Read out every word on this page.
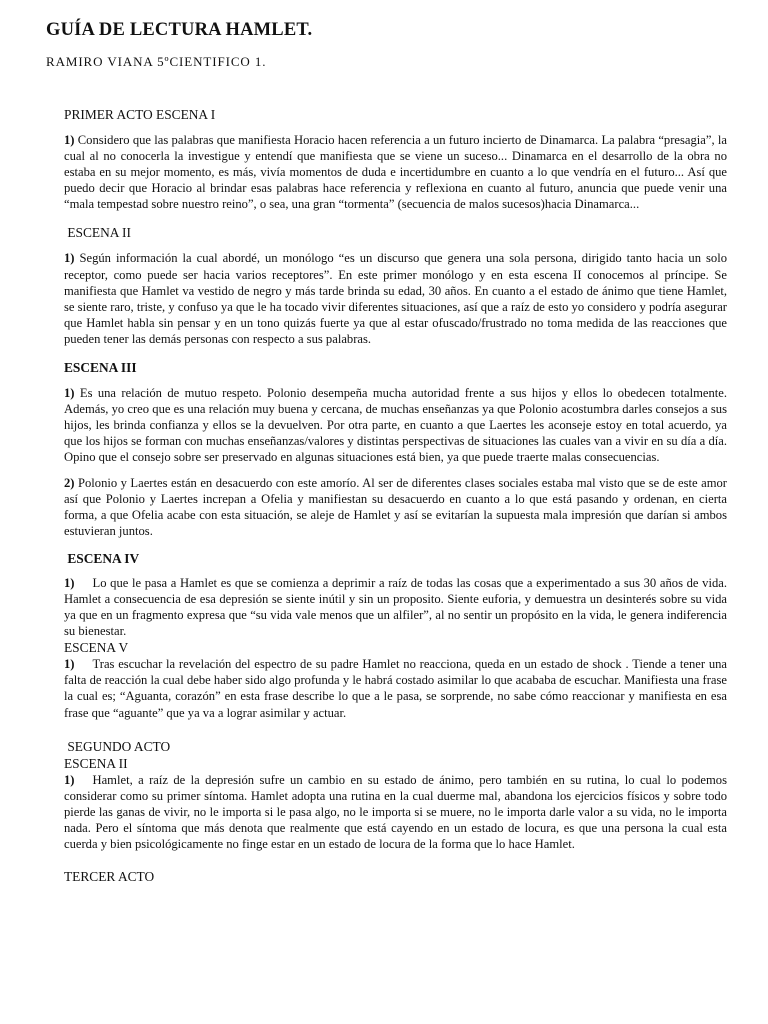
GUÍA DE LECTURA HAMLET.
RAMIRO VIANA 5ºCIENTIFICO 1.

PRIMER ACTO ESCENA I

1) Considero que las palabras que manifiesta Horacio hacen referencia a un futuro incierto de Dinamarca. La palabra “presagia”, la cual al no conocerla la investigue y entendí que manifiesta que se viene un suceso... Dinamarca en el desarrollo de la obra no estaba en su mejor momento, es más, vivía momentos de duda e incertidumbre en cuanto a lo que vendría en el futuro... Así que puedo decir que Horacio al brindar esas palabras hace referencia y reflexiona en cuanto al futuro, anuncia que puede venir una “mala tempestad sobre nuestro reino”, o sea, una gran “tormenta” (secuencia de malos sucesos)hacia Dinamarca...

ESCENA II

1) Según información la cual abordé, un monólogo “es un discurso que genera una sola persona, dirigido tanto hacia un solo receptor, como puede ser hacia varios receptores”. En este primer monólogo y en esta escena II conocemos al príncipe. Se manifiesta que Hamlet va vestido de negro y más tarde brinda su edad, 30 años. En cuanto a el estado de ánimo que tiene Hamlet, se siente raro, triste, y confuso ya que le ha tocado vivir diferentes situaciones, así que a raíz de esto yo considero y podría asegurar que Hamlet habla sin pensar y en un tono quizás fuerte ya que al estar ofuscado/frustrado no toma medida de las reacciones que pueden tener las demás personas con respecto a sus palabras.

ESCENA III

1) Es una relación de mutuo respeto. Polonio desempeña mucha autoridad frente a sus hijos y ellos lo obedecen totalmente. Además, yo creo que es una relación muy buena y cercana, de muchas enseñanzas ya que Polonio acostumbra darles consejos a sus hijos, les brinda confianza y ellos se la devuelven. Por otra parte, en cuanto a que Laertes les aconseje estoy en total acuerdo, ya que los hijos se forman con muchas enseñanzas/valores y distintas perspectivas de situaciones las cuales van a vivir en su día a día. Opino que el consejo sobre ser preservado en algunas situaciones está bien, ya que puede traerte malas consecuencias.

2) Polonio y Laertes están en desacuerdo con este amorío. Al ser de diferentes clases sociales estaba mal visto que se de este amor así que Polonio y Laertes increpan a Ofelia y manifiestan su desacuerdo en cuanto a lo que está pasando y ordenan, en cierta forma, a que Ofelia acabe con esta situación, se aleje de Hamlet y así se evitarían la supuesta mala impresión que darían si ambos estuvieran juntos.

ESCENA IV

1) Lo que le pasa a Hamlet es que se comienza a deprimir a raíz de todas las cosas que a experimentado a sus 30 años de vida. Hamlet a consecuencia de esa depresión se siente inútil y sin un proposito. Siente euforia, y demuestra un desinterés sobre su vida ya que en un fragmento expresa que “su vida vale menos que un alfiler”, al no sentir un propósito en la vida, le genera indiferencia su bienestar.

ESCENA V

1) Tras escuchar la revelación del espectro de su padre Hamlet no reacciona, queda en un estado de shock . Tiende a tener una falta de reacción la cual debe haber sido algo profunda y le habrá costado asimilar lo que acababa de escuchar. Manifiesta una frase la cual es; “Aguanta, corazón” en esta frase describe lo que a le pasa, se sorprende, no sabe cómo reaccionar y manifiesta en esa frase que “aguante” que ya va a lograr asimilar y actuar.

SEGUNDO ACTO

ESCENA II

1) Hamlet, a raíz de la depresión sufre un cambio en su estado de ánimo, pero también en su rutina, lo cual lo podemos considerar como su primer síntoma. Hamlet adopta una rutina en la cual duerme mal, abandona los ejercicios físicos y sobre todo pierde las ganas de vivir, no le importa si le pasa algo, no le importa si se muere, no le importa darle valor a su vida, no le importa nada. Pero el síntoma que más denota que realmente que está cayendo en un estado de locura, es que una persona la cual esta cuerda y bien psicológicamente no finge estar en un estado de locura de la forma que lo hace Hamlet.

TERCER ACTO
